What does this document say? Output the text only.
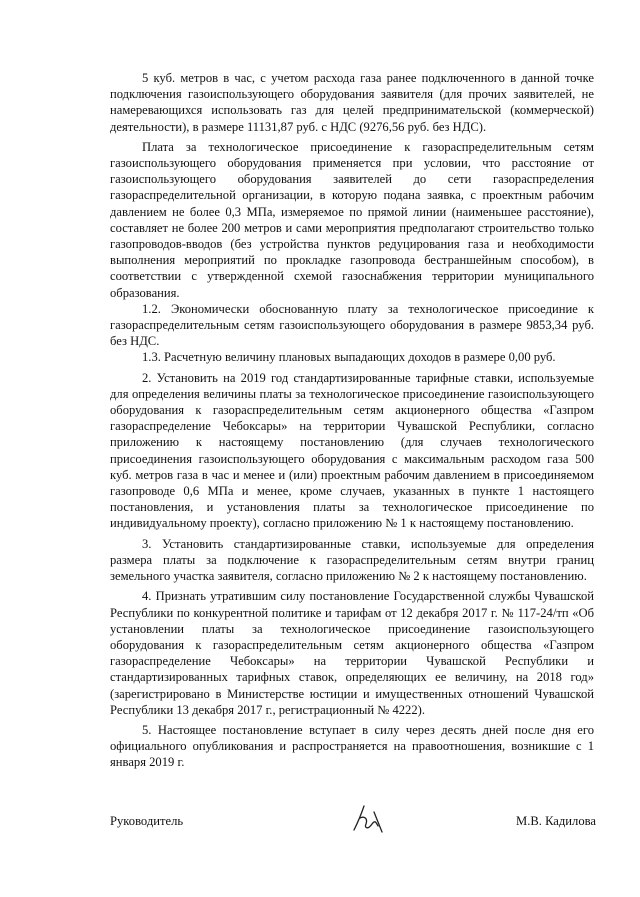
5 куб. метров в час, с учетом расхода газа ранее подключенного в данной точке подключения газоиспользующего оборудования заявителя (для прочих заявителей, не намеревающихся использовать газ для целей предпринимательской (коммерческой) деятельности), в размере 11131,87 руб. с НДС (9276,56 руб. без НДС).

Плата за технологическое присоединение к газораспределительным сетям газоиспользующего оборудования применяется при условии, что расстояние от газоиспользующего оборудования заявителей до сети газораспределения газораспределительной организации, в которую подана заявка, с проектным рабочим давлением не более 0,3 МПа, измеряемое по прямой линии (наименьшее расстояние), составляет не более 200 метров и сами мероприятия предполагают строительство только газопроводов-вводов (без устройства пунктов редуцирования газа и необходимости выполнения мероприятий по прокладке газопровода бестраншейным способом), в соответствии с утвержденной схемой газоснабжения территории муниципального образования.

1.2. Экономически обоснованную плату за технологическое присоединие к газораспределительным сетям газоиспользующего оборудования в размере 9853,34 руб. без НДС.

1.3. Расчетную величину плановых выпадающих доходов в размере 0,00 руб.

2. Установить на 2019 год стандартизированные тарифные ставки, используемые для определения величины платы за технологическое присоединение газоиспользующего оборудования к газораспределительным сетям акционерного общества «Газпром газораспределение Чебоксары» на территории Чувашской Республики, согласно приложению к настоящему постановлению (для случаев технологического присоединения газоиспользующего оборудования с максимальным расходом газа 500 куб. метров газа в час и менее и (или) проектным рабочим давлением в присоединяемом газопроводе 0,6 МПа и менее, кроме случаев, указанных в пункте 1 настоящего постановления, и установления платы за технологическое присоединение по индивидуальному проекту), согласно приложению № 1 к настоящему постановлению.

3. Установить стандартизированные ставки, используемые для определения размера платы за подключение к газораспределительным сетям внутри границ земельного участка заявителя, согласно приложению № 2 к настоящему постановлению.

4. Признать утратившим силу постановление Государственной службы Чувашской Республики по конкурентной политике и тарифам от 12 декабря 2017 г. № 117-24/тп «Об установлении платы за технологическое присоединение газоиспользующего оборудования к газораспределительным сетям акционерного общества «Газпром газораспределение Чебоксары» на территории Чувашской Республики и стандартизированных тарифных ставок, определяющих ее величину, на 2018 год» (зарегистрировано в Министерстве юстиции и имущественных отношений Чувашской Республики 13 декабря 2017 г., регистрационный № 4222).

5. Настоящее постановление вступает в силу через десять дней после дня его официального опубликования и распространяется на правоотношения, возникшие с 1 января 2019 г.

Руководитель	М.В. Кадилова
